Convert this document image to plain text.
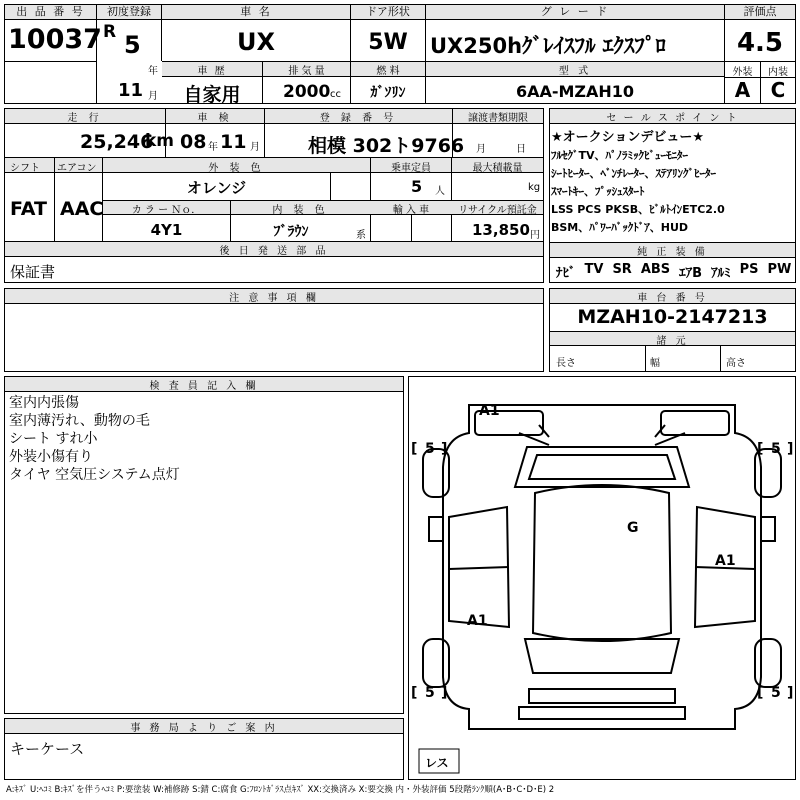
出 品 番 号
10037
初度登録
R 5
年
11 月
車 名
UX
ドア形状
5W
グ レ ー ド
UX250hｸﾞﾚｲｽﾌﾙ ｴｸｽﾌﾟﾛ
評価点
4.5
外装	内装
A	C
車 歴
自家用
排 気 量
2000 cc
燃 料
ｶﾞｿﾘﾝ
型 式
6AA-MZAH10
走 行
25,246
km
車 検
08 年 11 月
登 録 番 号
相模 302ト9766
譲渡書類期限
月	日
シフト
FAT
エアコン
AAC
外 装 色
オレンジ
乗車定員
5 人
最大積載量
kg
カ ラ ー Ｎｏ．
4Y1
内 装 色
ﾌﾞﾗｳﾝ	系
輸 入 車	リサイクル預託金
13,850 円
後 日 発 送 部 品
保証書
セ ー ル ス ポ イ ン ト
★オークションデビュー★
ﾌﾙｾｸﾞTV、ﾊﾟﾉﾗﾐｯｸﾋﾞｭｰﾓﾆﾀｰ
ｼｰﾄﾋｰﾀｰ、ﾍﾞﾝﾁﾚｰﾀｰ、ｽﾃｱﾘﾝｸﾞﾋｰﾀｰ
ｽﾏｰﾄｷｰ、ﾌﾟｯｼｭｽﾀｰﾄ
LSS PCS PKSB、ﾋﾞﾙﾄｲﾝETC2.0
BSM、ﾊﾟﾜｰﾊﾞｯｸﾄﾞｱ、HUD
純 正 装 備
ﾅﾋﾞ TV SR ABS ｴｱB ｱﾙﾐ PS PW
注 意 事 項 欄	車 台 番 号
MZAH10-2147213
諸 元
長さ	幅	高さ
検 査 員 記 入 欄
室内内張傷
室内薄汚れ、動物の毛
シート すれ小
外装小傷有り
タイヤ 空気圧システム点灯
A1
G
A1
A1
[ 5 ]	[ 5 ]
[ 5 ]	[ 5 ]
レス
事 務 局 よ り ご 案 内
キーケース
A:ｷｽﾞ U:ﾍｺﾐ B:ｷｽﾞを伴うﾍｺﾐ P:要塗装 W:補修跡 S:錆 C:腐食 G:ﾌﾛﾝﾄｶﾞﾗｽ点ｷｽﾞ XX:交換済み X:要交換 内・外装評価 5段階ﾗﾝｸ順(A･B･C･D･E) 2
